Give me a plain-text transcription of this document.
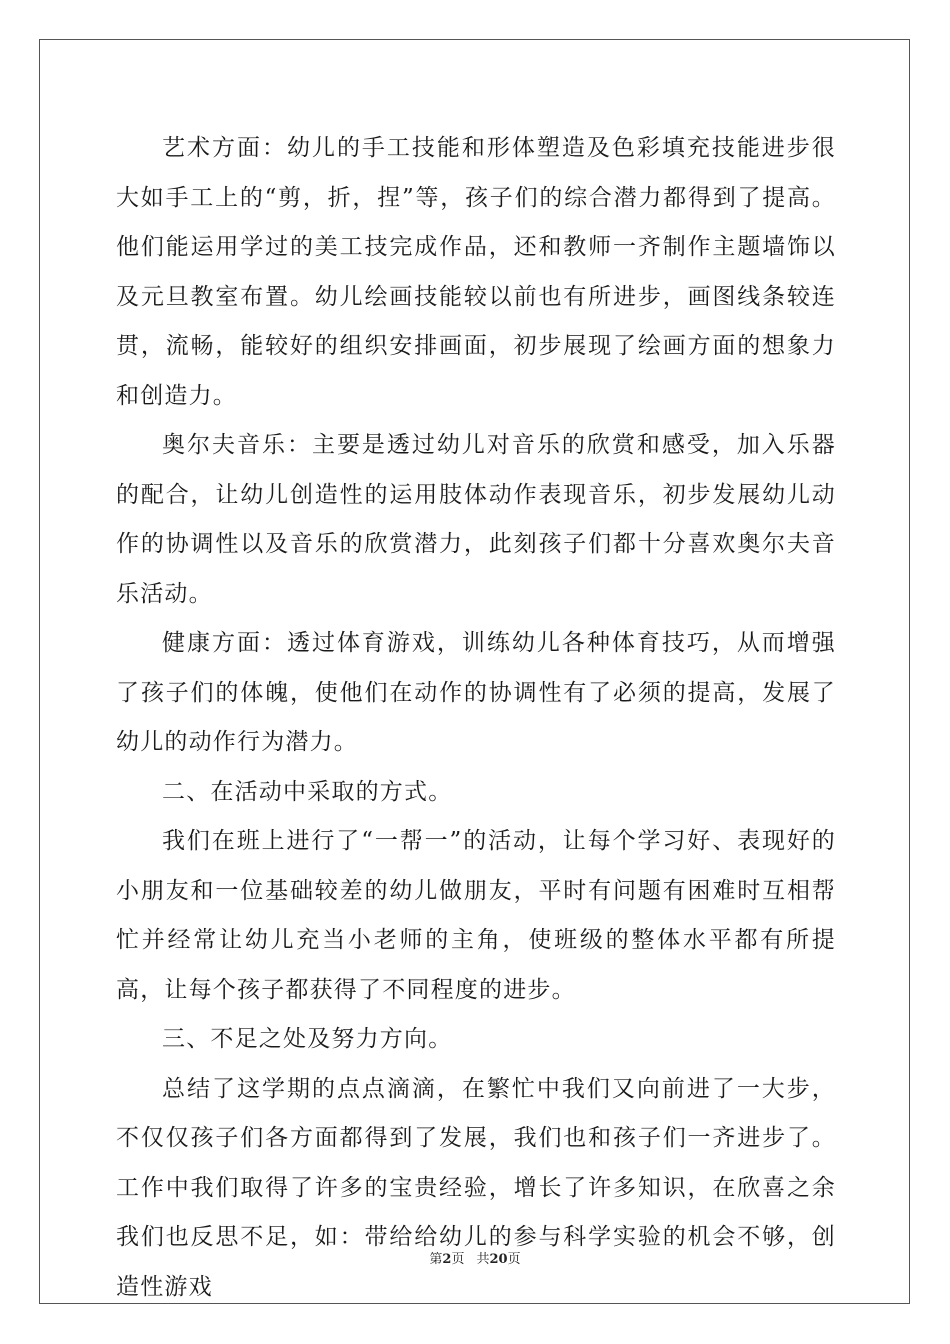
艺术方面：幼儿的手工技能和形体塑造及色彩填充技能进步很大如手工上的“剪，折，捏”等，孩子们的综合潜力都得到了提高。他们能运用学过的美工技完成作品，还和教师一齐制作主题墙饰以及元旦教室布置。幼儿绘画技能较以前也有所进步，画图线条较连贯，流畅，能较好的组织安排画面，初步展现了绘画方面的想象力和创造力。

奥尔夫音乐：主要是透过幼儿对音乐的欣赏和感受，加入乐器的配合，让幼儿创造性的运用肢体动作表现音乐，初步发展幼儿动作的协调性以及音乐的欣赏潜力，此刻孩子们都十分喜欢奥尔夫音乐活动。

健康方面：透过体育游戏，训练幼儿各种体育技巧，从而增强了孩子们的体魄，使他们在动作的协调性有了必须的提高，发展了幼儿的动作行为潜力。

二、在活动中采取的方式。

我们在班上进行了“一帮一”的活动，让每个学习好、表现好的小朋友和一位基础较差的幼儿做朋友，平时有问题有困难时互相帮忙并经常让幼儿充当小老师的主角，使班级的整体水平都有所提高，让每个孩子都获得了不同程度的进步。

三、不足之处及努力方向。

总结了这学期的点点滴滴，在繁忙中我们又向前进了一大步，不仅仅孩子们各方面都得到了发展，我们也和孩子们一齐进步了。工作中我们取得了许多的宝贵经验，增长了许多知识，在欣喜之余我们也反思不足，如：带给给幼儿的参与科学实验的机会不够，创造性游戏

第2页 共20页
